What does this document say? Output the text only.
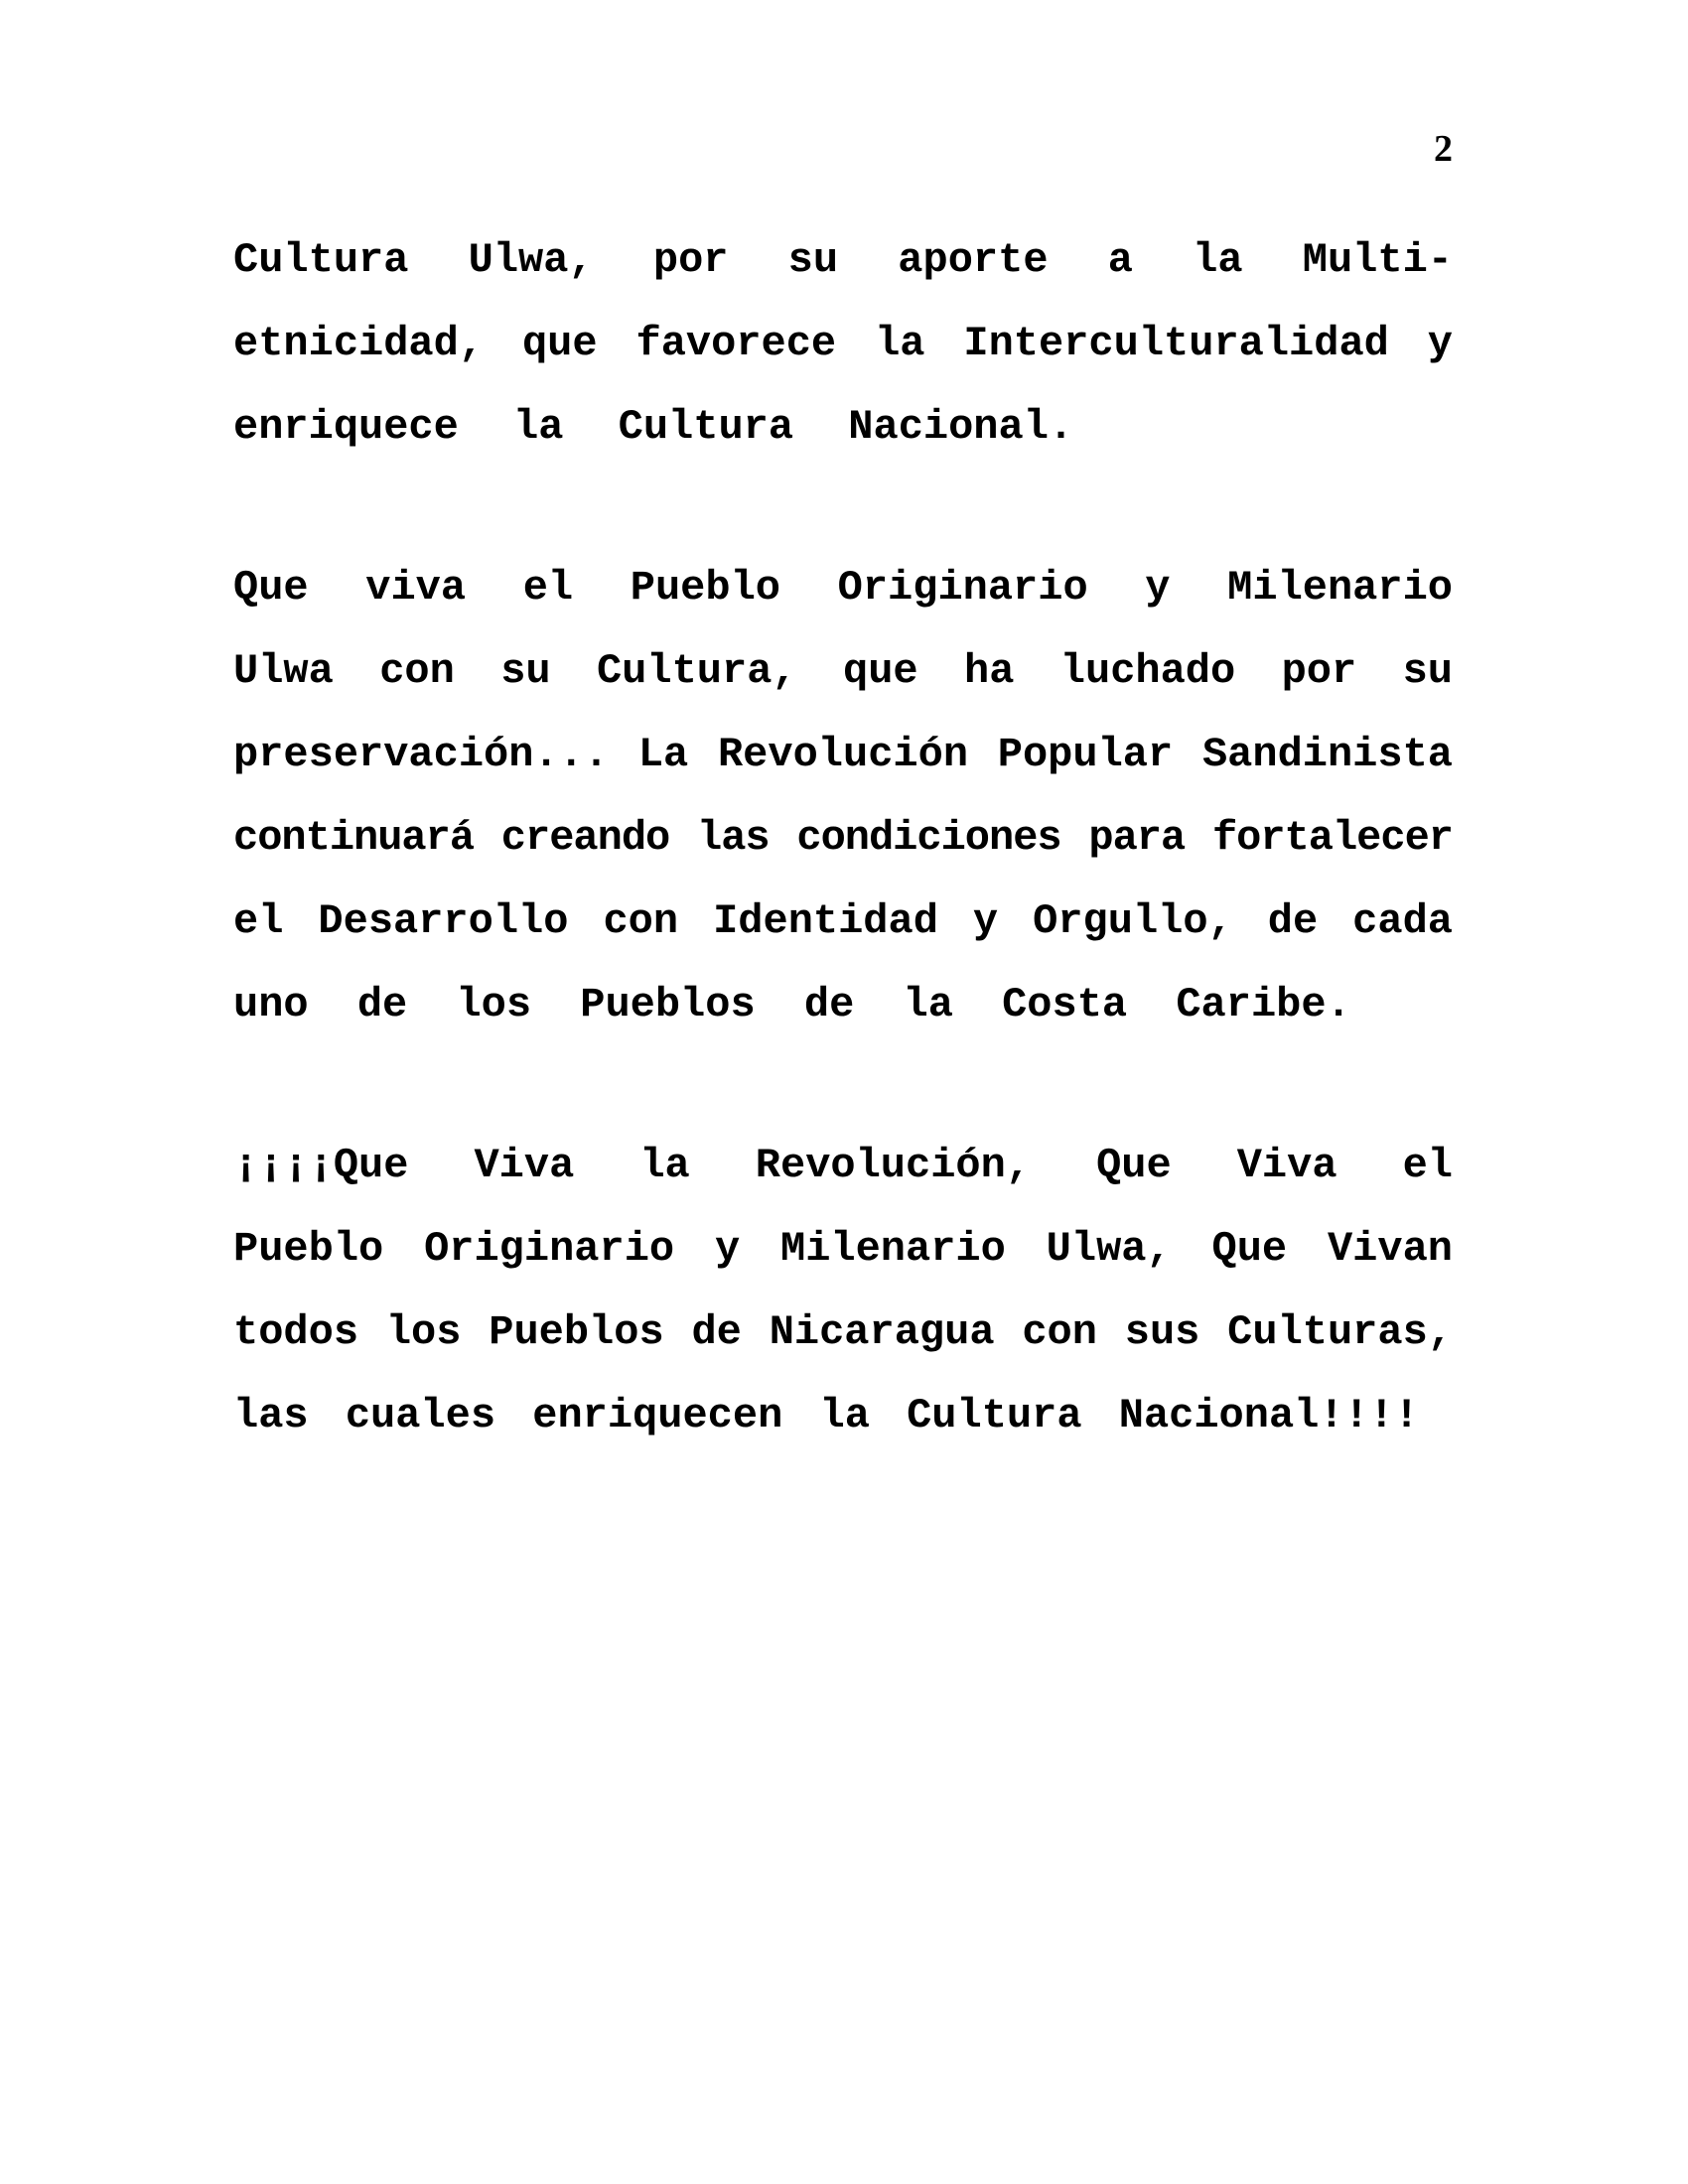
2
Cultura Ulwa, por su aporte a la Multi-
etnicidad, que favorece la Interculturalidad y
enriquece la Cultura Nacional.
Que viva el Pueblo Originario y Milenario
Ulwa con su Cultura, que ha luchado por su
preservación... La Revolución Popular Sandinista
continuará creando las condiciones para fortalecer
el Desarrollo con Identidad y Orgullo, de cada
uno de los Pueblos de la Costa Caribe.
¡¡¡¡Que Viva la Revolución, Que Viva el
Pueblo Originario y Milenario Ulwa, Que Vivan
todos los Pueblos de Nicaragua con sus Culturas,
las cuales enriquecen la Cultura Nacional!!!!
